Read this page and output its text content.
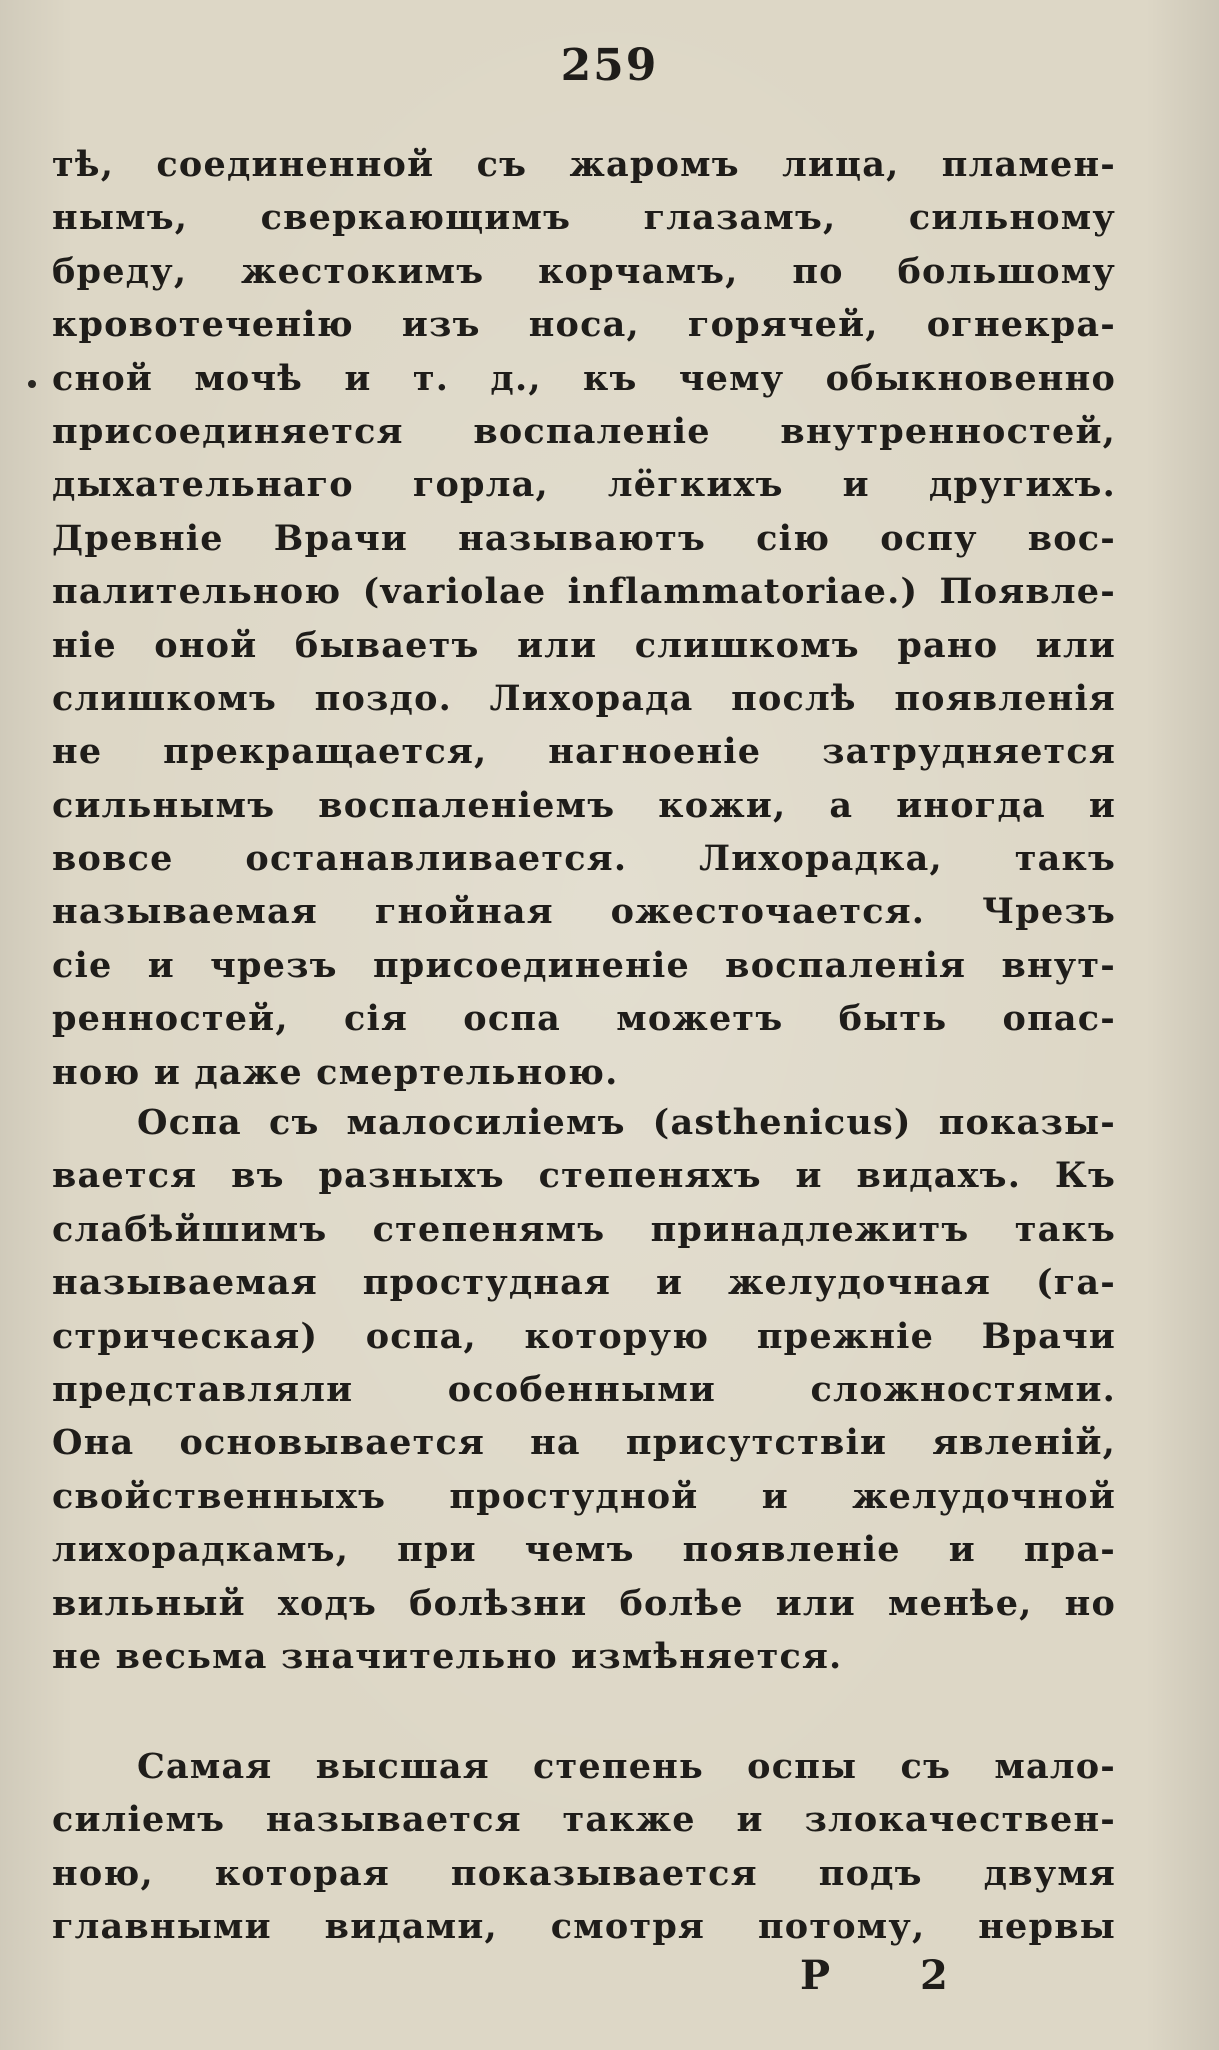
259
тѣ, соединенной съ жаромъ лица, пламен-
нымъ, сверкающимъ глазамъ, сильному
бреду, жестокимъ корчамъ, по большому
кровотеченію изъ носа, горячей, огнекра-
сной мочѣ и т. д., къ чему обыкновенно
присоединяется воспаленіе внутренностей,
дыхательнаго горла, лёгкихъ и другихъ.
Древніе Врачи называютъ сію оспу вос-
палительною (variolae inflammatoriae.) Появле-
ніе оной бываетъ или слишкомъ рано или
слишкомъ поздо. Лихорада послѣ появленія
не прекращается, нагноеніе затрудняется
сильнымъ воспаленіемъ кожи, а иногда и
вовсе останавливается. Лихорадка, такъ
называемая гнойная ожесточается. Чрезъ
сіе и чрезъ присоединеніе воспаленія внут-
ренностей, сія оспа можетъ быть опас-
ною и даже смертельною.
Оспа съ малосиліемъ (asthenicus) показы-
вается въ разныхъ степеняхъ и видахъ. Къ
слабѣйшимъ степенямъ принадлежитъ такъ
называемая простудная и желудочная (га-
стрическая) оспа, которую прежніе Врачи
представляли особенными сложностями.
Она основывается на присутствіи явленій,
свойственныхъ простудной и желудочной
лихорадкамъ, при чемъ появленіе и пра-
вильный ходъ болѣзни болѣе или менѣе, но
не весьма значительно измѣняется.
Самая высшая степень оспы съ мало-
силіемъ называется также и злокачествен-
ною, которая показывается подъ двумя
главными видами, смотря потому, нервы
Р 2
